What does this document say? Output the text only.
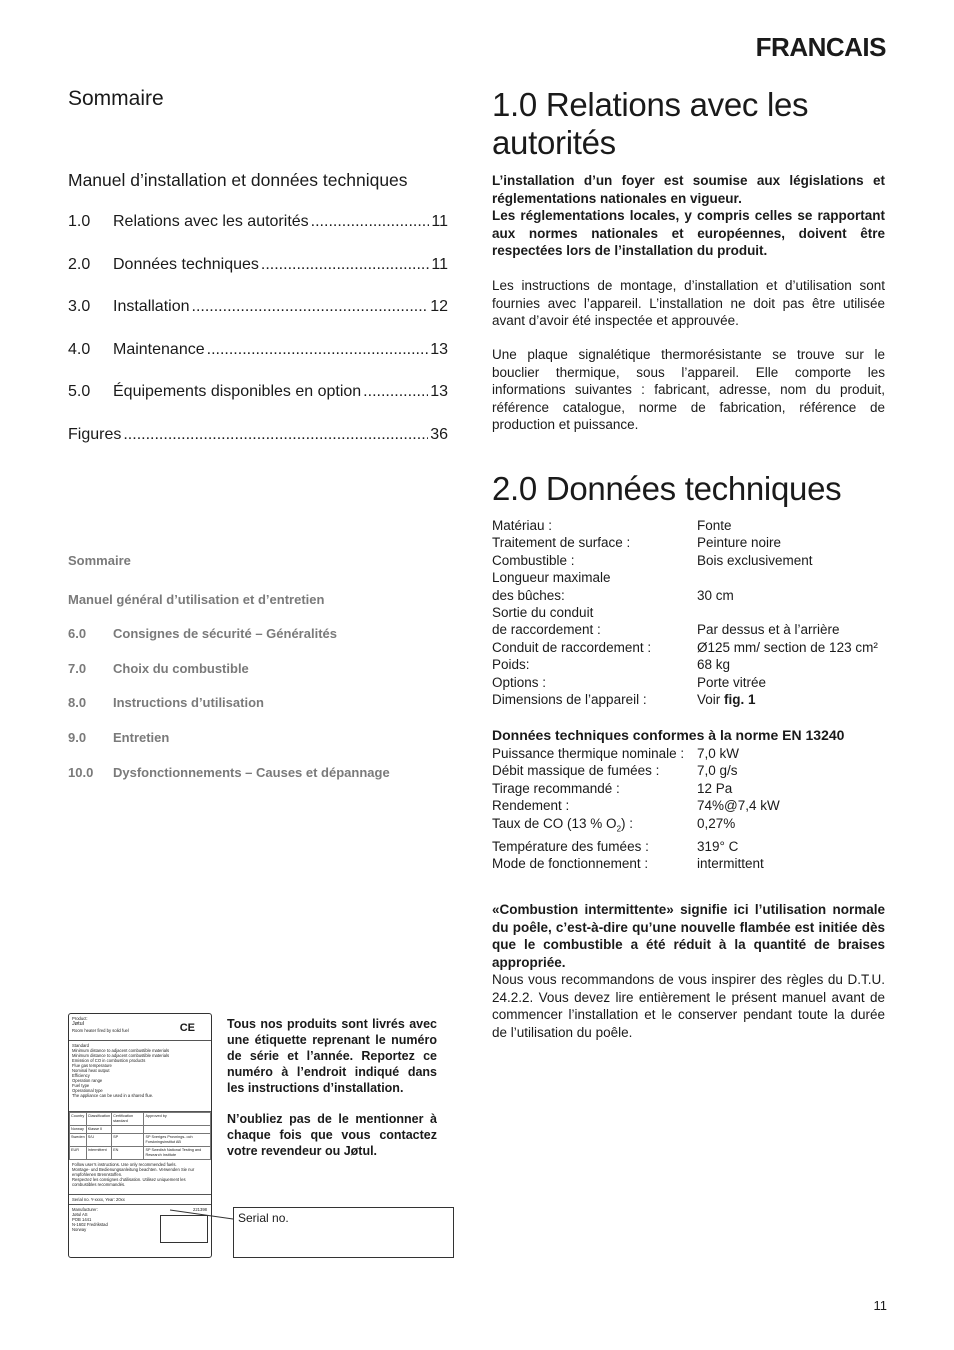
FRANCAIS
Sommaire
Manuel d’installation et données techniques
1.0	Relations avec les autorités .....	11
2.0	Données techniques .....	11
3.0	Installation .....	12
4.0	Maintenance .....	13
5.0	Équipements disponibles en option .....	13
Figures .....	36
Sommaire
Manuel général d’utilisation et d’entretien
6.0 Consignes de sécurité – Généralités
7.0 Choix du combustible
8.0 Instructions d’utilisation
9.0 Entretien
10.0 Dysfonctionnements – Causes et dépannage
1.0 Relations avec les
autorités
L’installation d’un foyer est soumise aux législations et réglementations nationales en vigueur.
Les réglementations locales, y compris celles se rapportant aux normes nationales et européennes, doivent être respectées lors de l’installation du produit.
Les instructions de montage, d’installation et d’utilisation sont fournies avec l’appareil. L’installation ne doit pas être utilisée avant d’avoir été inspectée et approuvée.
Une plaque signalétique thermorésistante se trouve sur le bouclier thermique, sous l’appareil. Elle comporte les informations suivantes : fabricant, adresse, nom du produit, référence catalogue, norme de fabrication, référence de production et puissance.
2.0 Données techniques
Matériau :	Fonte
Traitement de surface :	Peinture noire
Combustible :	Bois exclusivement
Longueur maximale
des bûches:	30 cm
Sortie du conduit
de raccordement :	Par dessus et à l’arrière
Conduit de raccordement :	Ø125 mm/ section de 123 cm²
Poids:	68 kg
Options :	Porte vitrée
Dimensions de l’appareil :	Voir fig. 1
Données techniques conformes à la norme EN 13240
Puissance thermique nominale : 7,0 kW
Débit massique de fumées :	7,0 g/s
Tirage recommandé :	12 Pa
Rendement :	74%@7,4 kW
Taux de CO (13 % $O_2$) :	0,27%
Température des fumées :	319° C
Mode de fonctionnement :	intermittent
«Combustion intermittente» signifie ici l’utilisation normale du poêle, c’est-à-dire qu’une nouvelle flambée est initiée dès que le combustible a été réduit à la quantité de braises appropriée.
Nous vous recommandons de vous inspirer des règles du D.T.U. 24.2.2. Vous devez lire entièrement le présent manuel avant de commencer l’installation et le conserver pendant toute la durée de l’utilisation du poêle.
Product:
Jøtul
Room heater fired by solid fuel	CE
Standard
Minimum distance to adjacent combustible materials
Minimum distance to adjacent combustible materials
Emission of CO in combustion products
Flue gas temperature
Nominal heat output
Efficiency
Operation range
Fuel type
Operational type
The appliance can be used in a shared flue.
Country	Classification	Certification standard	Approved by
Norway	Klasse II		
Sweden	S/U	SP	SP Sveriges Provnings- och Forskningsinstitut AB
EUR	Intermittent	EN	SP Swedish National Testing and Research Institute
Follow user’s instructions. Use only recommended fuels.
Montage- und Bedienungsanleitung beachten. Verwenden Sie nur empfohlenen Brennstoffen.
Respectez les consignes d’utilisation. Utilisez uniquement les combustibles recommandés.
Serial no. Y-xxxx, Year: 20xx
Manufacturer:	221398
Jøtul AS
POB 1441
N-1602 Fredrikstad
Norway
Tous nos produits sont livrés avec une étiquette reprenant le numéro de série et l’année. Reportez ce numéro à l’endroit indiqué dans les instructions d’installation.
N’oubliez pas de le mentionner à chaque fois que vous contactez votre revendeur ou Jøtul.
Serial no.
11
